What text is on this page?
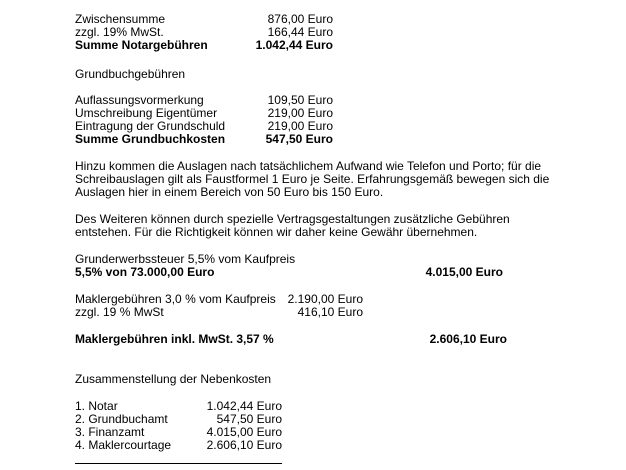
Zwischensumme	876,00 Euro
zzgl. 19% MwSt.	166,44 Euro
Summe Notargebühren	1.042,44 Euro
Grundbuchgebühren
Auflassungsvormerkung	109,50 Euro
Umschreibung Eigentümer	219,00 Euro
Eintragung der Grundschuld	219,00 Euro
Summe Grundbuchkosten	547,50 Euro
Hinzu kommen die Auslagen nach tatsächlichem Aufwand wie Telefon und Porto; für die
Schreibauslagen gilt als Faustformel 1 Euro je Seite. Erfahrungsgemäß bewegen sich die
Auslagen hier in einem Bereich von 50 Euro bis 150 Euro.
Des Weiteren können durch spezielle Vertragsgestaltungen zusätzliche Gebühren
entstehen. Für die Richtigkeit können wir daher keine Gewähr übernehmen.
Grunderwerbssteuer 5,5% vom Kaufpreis
5,5% von 73.000,00 Euro	4.015,00 Euro
Maklergebühren 3,0 % vom Kaufpreis 2.190,00 Euro
zzgl. 19 % MwSt	416,10 Euro
Maklergebühren inkl. MwSt. 3,57 %	2.606,10 Euro
Zusammenstellung der Nebenkosten
1. Notar	1.042,44 Euro
2. Grundbuchamt	547,50 Euro
3. Finanzamt	4.015,00 Euro
4. Maklercourtage	2.606,10 Euro
